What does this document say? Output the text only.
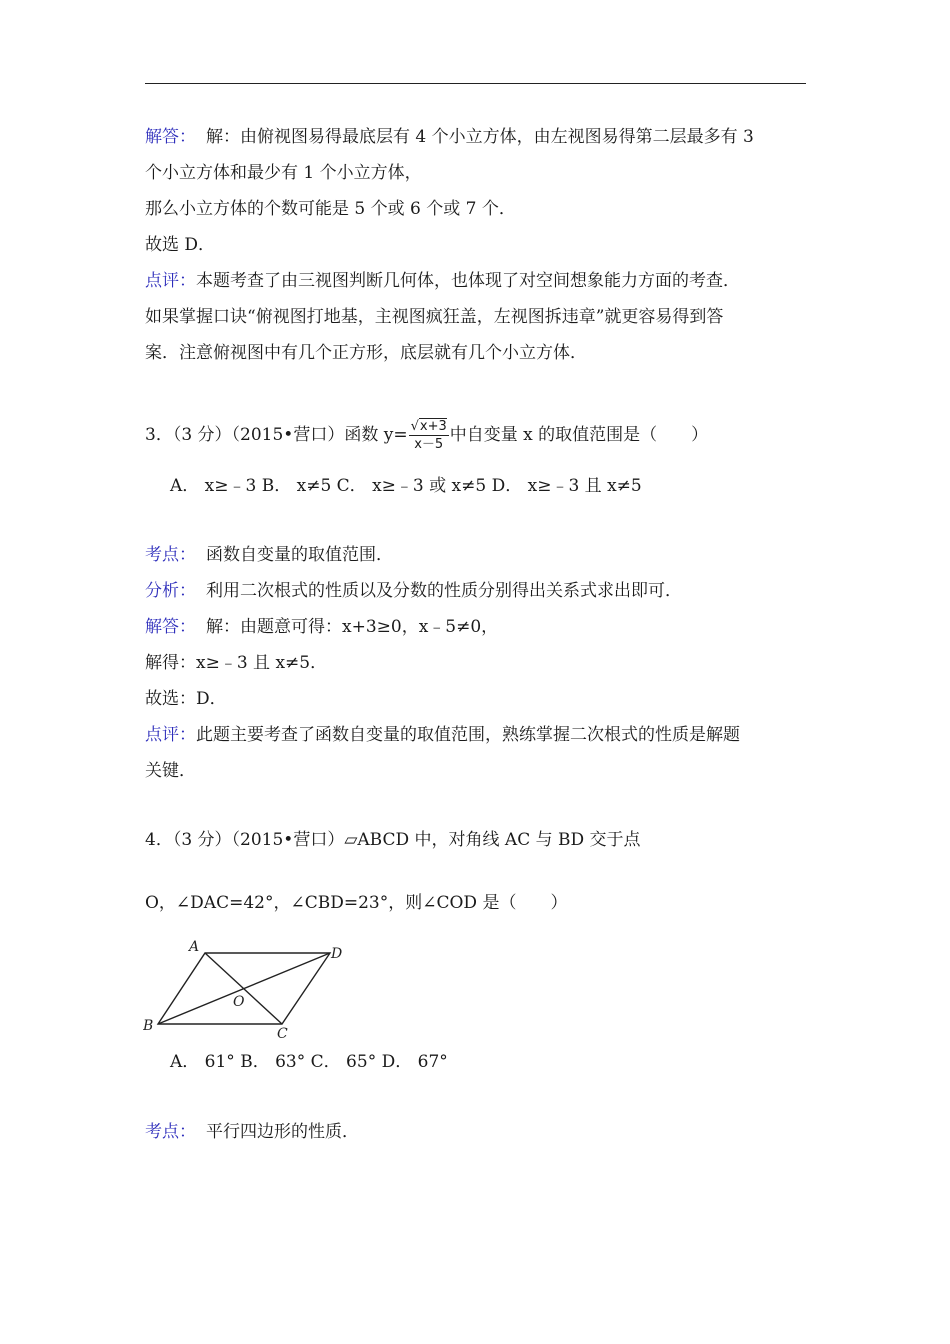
解答： 解：由俯视图易得最底层有 4 个小立方体，由左视图易得第二层最多有 3
个小立方体和最少有 1 个小立方体，
那么小立方体的个数可能是 5 个或 6 个或 7 个．
故选 D．
点评：本题考查了由三视图判断几何体，也体现了对空间想象能力方面的考查．
如果掌握口诀“俯视图打地基，主视图疯狂盖，左视图拆违章”就更容易得到答
案．注意俯视图中有几个正方形，底层就有几个小立方体．
3．（3 分）（2015•营口）函数 $y= \frac{√x+3}{x-5}$ 中自变量 x 的取值范围是（　　）
A． x≥﹣3 B． x≠5 C． x≥﹣3 或 x≠5 D． x≥﹣3 且 x≠5
考点： 函数自变量的取值范围．
分析： 利用二次根式的性质以及分数的性质分别得出关系式求出即可．
解答： 解：由题意可得：x+3≥0，x﹣5≠0，
解得：x≥﹣3 且 x≠5．
故选：D．
点评：此题主要考查了函数自变量的取值范围，熟练掌握二次根式的性质是解题
关键．
4．（3 分）（2015•营口）▱ABCD 中，对角线 AC 与 BD 交于点
O，∠DAC=42°，∠CBD=23°，则∠COD 是（　　）
A	D
B	C
O
A． 61° B． 63° C． 65° D． 67°
考点： 平行四边形的性质．
